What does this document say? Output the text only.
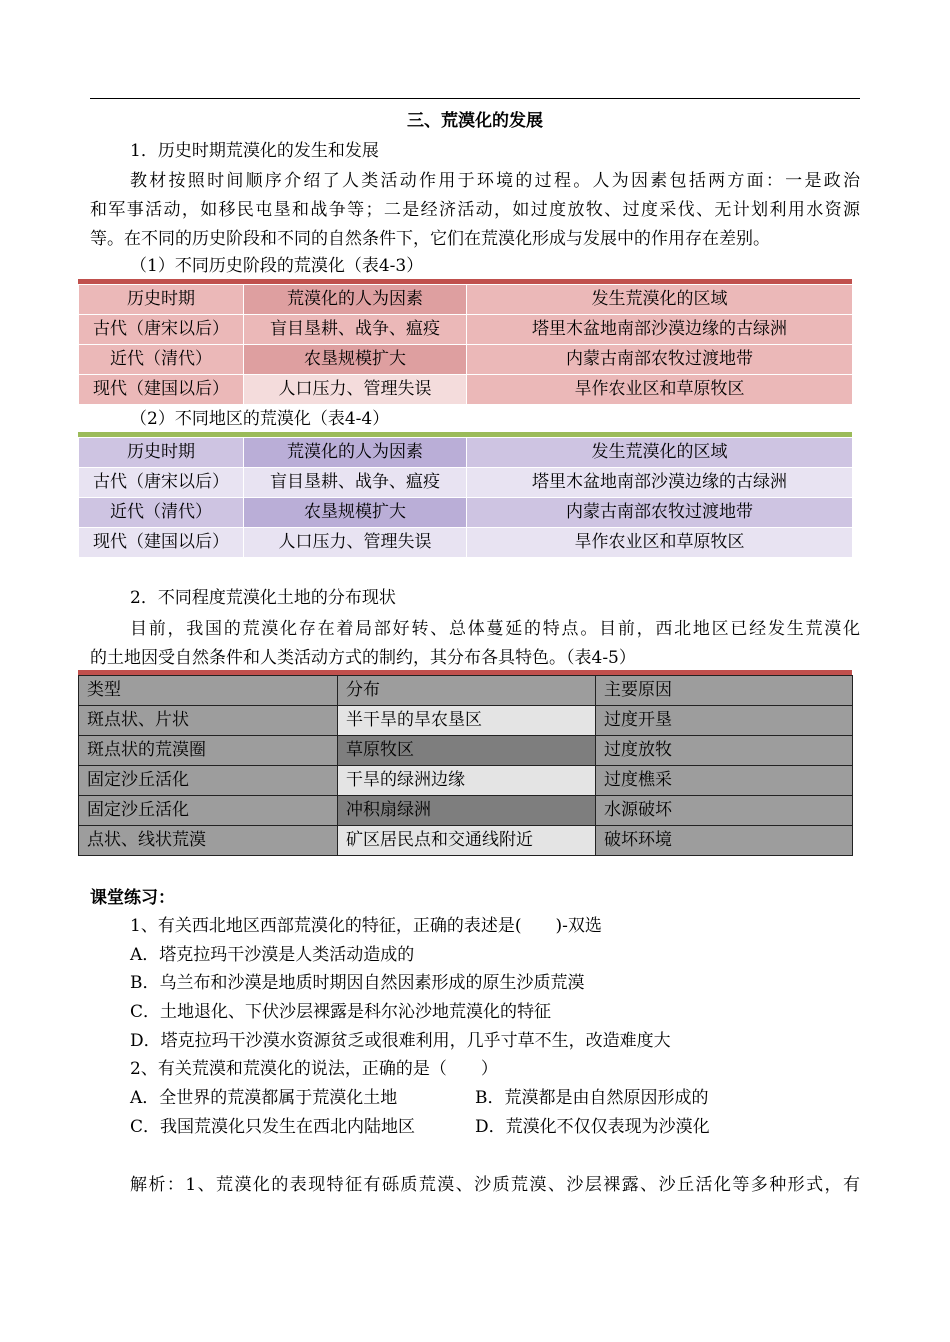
三、荒漠化的发展
1．历史时期荒漠化的发生和发展
教材按照时间顺序介绍了人类活动作用于环境的过程。人为因素包括两方面：一是政治
和军事活动，如移民屯垦和战争等；二是经济活动，如过度放牧、过度采伐、无计划利用水资源
等。在不同的历史阶段和不同的自然条件下，它们在荒漠化形成与发展中的作用存在差别。
（1）不同历史阶段的荒漠化（表4-3）
历史时期	荒漠化的人为因素	发生荒漠化的区域
古代（唐宋以后）	盲目垦耕、战争、瘟疫	塔里木盆地南部沙漠边缘的古绿洲
近代（清代）	农垦规模扩大	内蒙古南部农牧过渡地带
现代（建国以后）	人口压力、管理失误	旱作农业区和草原牧区
（2）不同地区的荒漠化（表4-4）
历史时期	荒漠化的人为因素	发生荒漠化的区域
古代（唐宋以后）	盲目垦耕、战争、瘟疫	塔里木盆地南部沙漠边缘的古绿洲
近代（清代）	农垦规模扩大	内蒙古南部农牧过渡地带
现代（建国以后）	人口压力、管理失误	旱作农业区和草原牧区
2．不同程度荒漠化土地的分布现状
目前，我国的荒漠化存在着局部好转、总体蔓延的特点。目前，西北地区已经发生荒漠化
的土地因受自然条件和人类活动方式的制约，其分布各具特色。（表4-5）
类型	分布	主要原因
斑点状、片状	半干旱的旱农垦区	过度开垦
斑点状的荒漠圈	草原牧区	过度放牧
固定沙丘活化	干旱的绿洲边缘	过度樵采
固定沙丘活化	冲积扇绿洲	水源破坏
点状、线状荒漠	矿区居民点和交通线附近	破坏环境
课堂练习：
1、有关西北地区西部荒漠化的特征，正确的表述是(　　)-双选
A．塔克拉玛干沙漠是人类活动造成的
B．乌兰布和沙漠是地质时期因自然因素形成的原生沙质荒漠
C．土地退化、下伏沙层裸露是科尔沁沙地荒漠化的特征
D．塔克拉玛干沙漠水资源贫乏或很难利用，几乎寸草不生，改造难度大
2、有关荒漠和荒漠化的说法，正确的是（　　）
A．全世界的荒漠都属于荒漠化土地	B．荒漠都是由自然原因形成的
C．我国荒漠化只发生在西北内陆地区	D．荒漠化不仅仅表现为沙漠化
解析：1、荒漠化的表现特征有砾质荒漠、沙质荒漠、沙层裸露、沙丘活化等多种形式，有
